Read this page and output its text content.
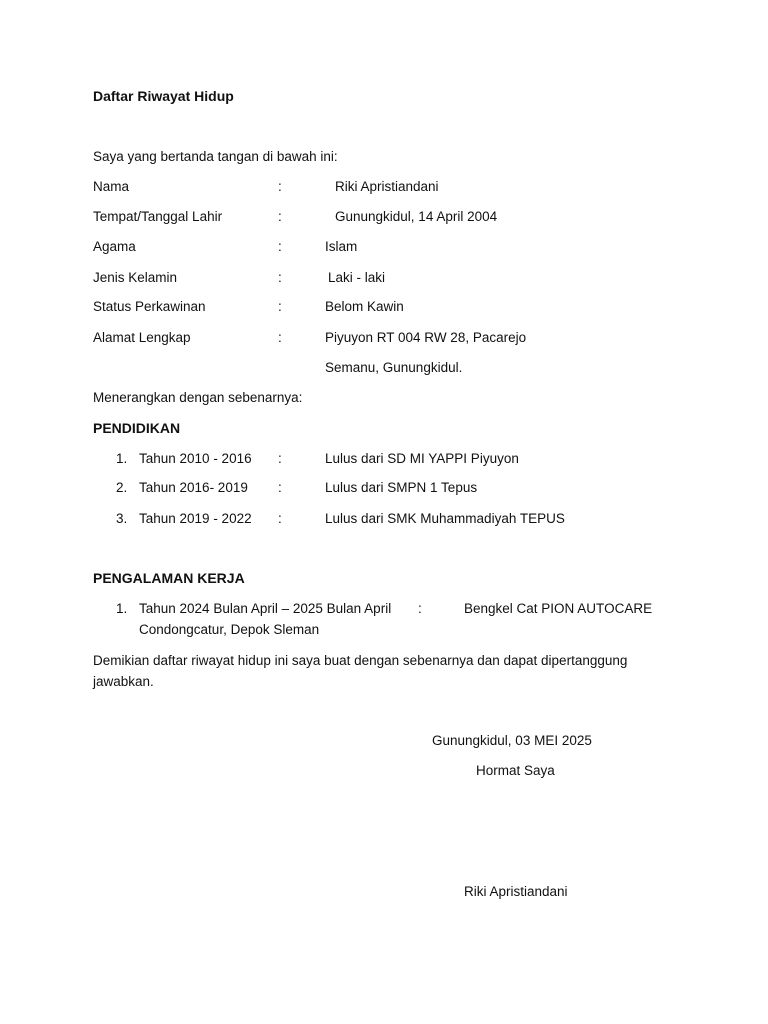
Daftar Riwayat Hidup
Saya yang bertanda tangan di bawah ini:
Nama	:	Riki Apristiandani
Tempat/Tanggal Lahir	:	Gunungkidul, 14 April 2004
Agama	:	Islam
Jenis Kelamin	:	Laki - laki
Status Perkawinan	:	Belom Kawin
Alamat Lengkap	:	Piyuyon RT 004 RW 28, Pacarejo
Semanu, Gunungkidul.
Menerangkan dengan sebenarnya:
PENDIDIKAN
1. Tahun 2010 - 2016 :	Lulus dari SD MI YAPPI Piyuyon
2. Tahun 2016- 2019 :	Lulus dari SMPN 1 Tepus
3. Tahun 2019 - 2022 :	Lulus dari SMK Muhammadiyah TEPUS
PENGALAMAN KERJA
1. Tahun 2024 Bulan April – 2025 Bulan April :	Bengkel Cat PION AUTOCARE
Condongcatur, Depok Sleman
Demikian daftar riwayat hidup ini saya buat dengan sebenarnya dan dapat dipertanggung jawabkan.
Gunungkidul, 03 MEI 2025
Hormat Saya
Riki Apristiandani
